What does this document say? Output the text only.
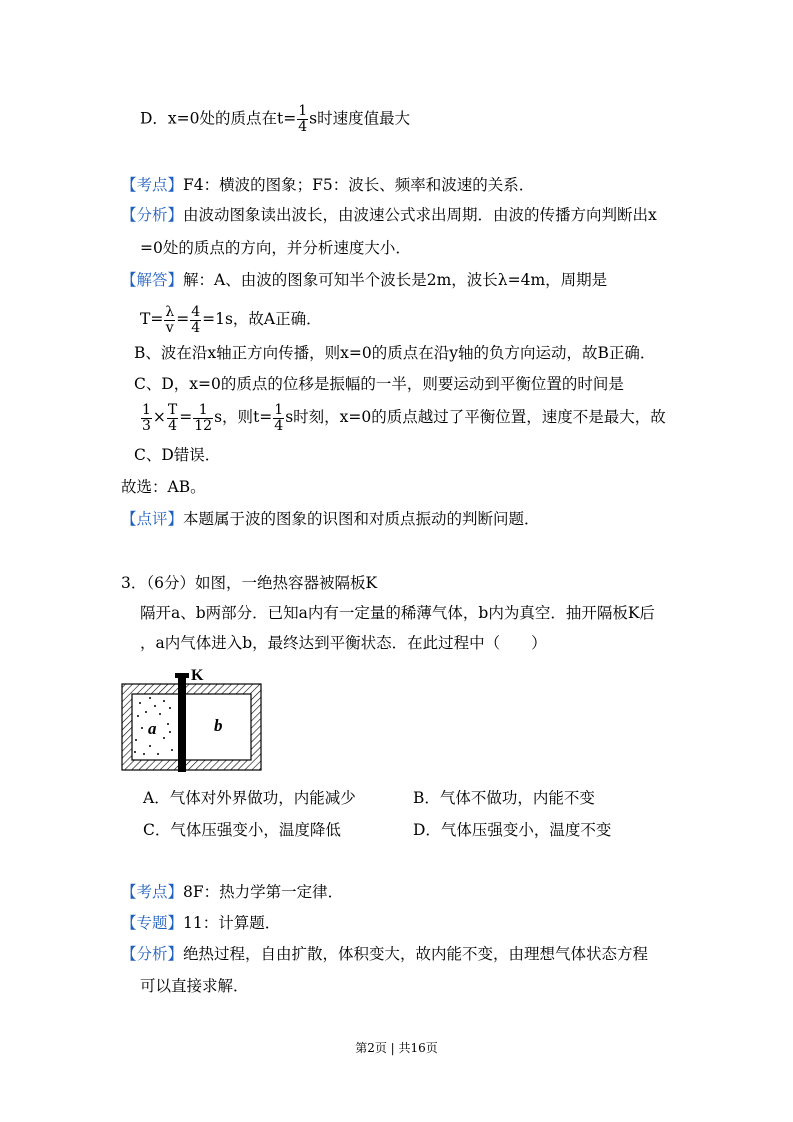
D．x=0处的质点在$t= \frac{1}{4}$ s时速度值最大
【考点】F4：横波的图象；F5：波长、频率和波速的关系．
【分析】由波动图象读出波长，由波速公式求出周期．由波的传播方向判断出x
=0处的质点的方向，并分析速度大小．
【解答】解：A、由波的图象可知半个波长是2m，波长λ=4m，周期是
$T= \frac{\lambda}{v} = \frac{4}{4} =1s$，故A正确．
B、波在沿x轴正方向传播，则x=0的质点在沿y轴的负方向运动，故B正确．
C、D，x=0的质点的位移是振幅的一半，则要运动到平衡位置的时间是
$\frac{1}{3} \times \frac{T}{4} = \frac{1}{12}$ s，则$t= \frac{1}{4}$ s时刻，x=0的质点越过了平衡位置，速度不是最大，故
C、D错误．
故选：AB。
【点评】本题属于波的图象的识图和对质点振动的判断问题．
3．（6分）如图，一绝热容器被隔板K
隔开a、b两部分．已知a内有一定量的稀薄气体，b内为真空．抽开隔板K后
，a内气体进入b，最终达到平衡状态．在此过程中（　　）
K
a	b
A．气体对外界做功，内能减少	B．气体不做功，内能不变
C．气体压强变小，温度降低	D．气体压强变小，温度不变
【考点】8F：热力学第一定律．
【专题】11：计算题．
【分析】绝热过程，自由扩散，体积变大，故内能不变，由理想气体状态方程
可以直接求解．
第2页 | 共16页
